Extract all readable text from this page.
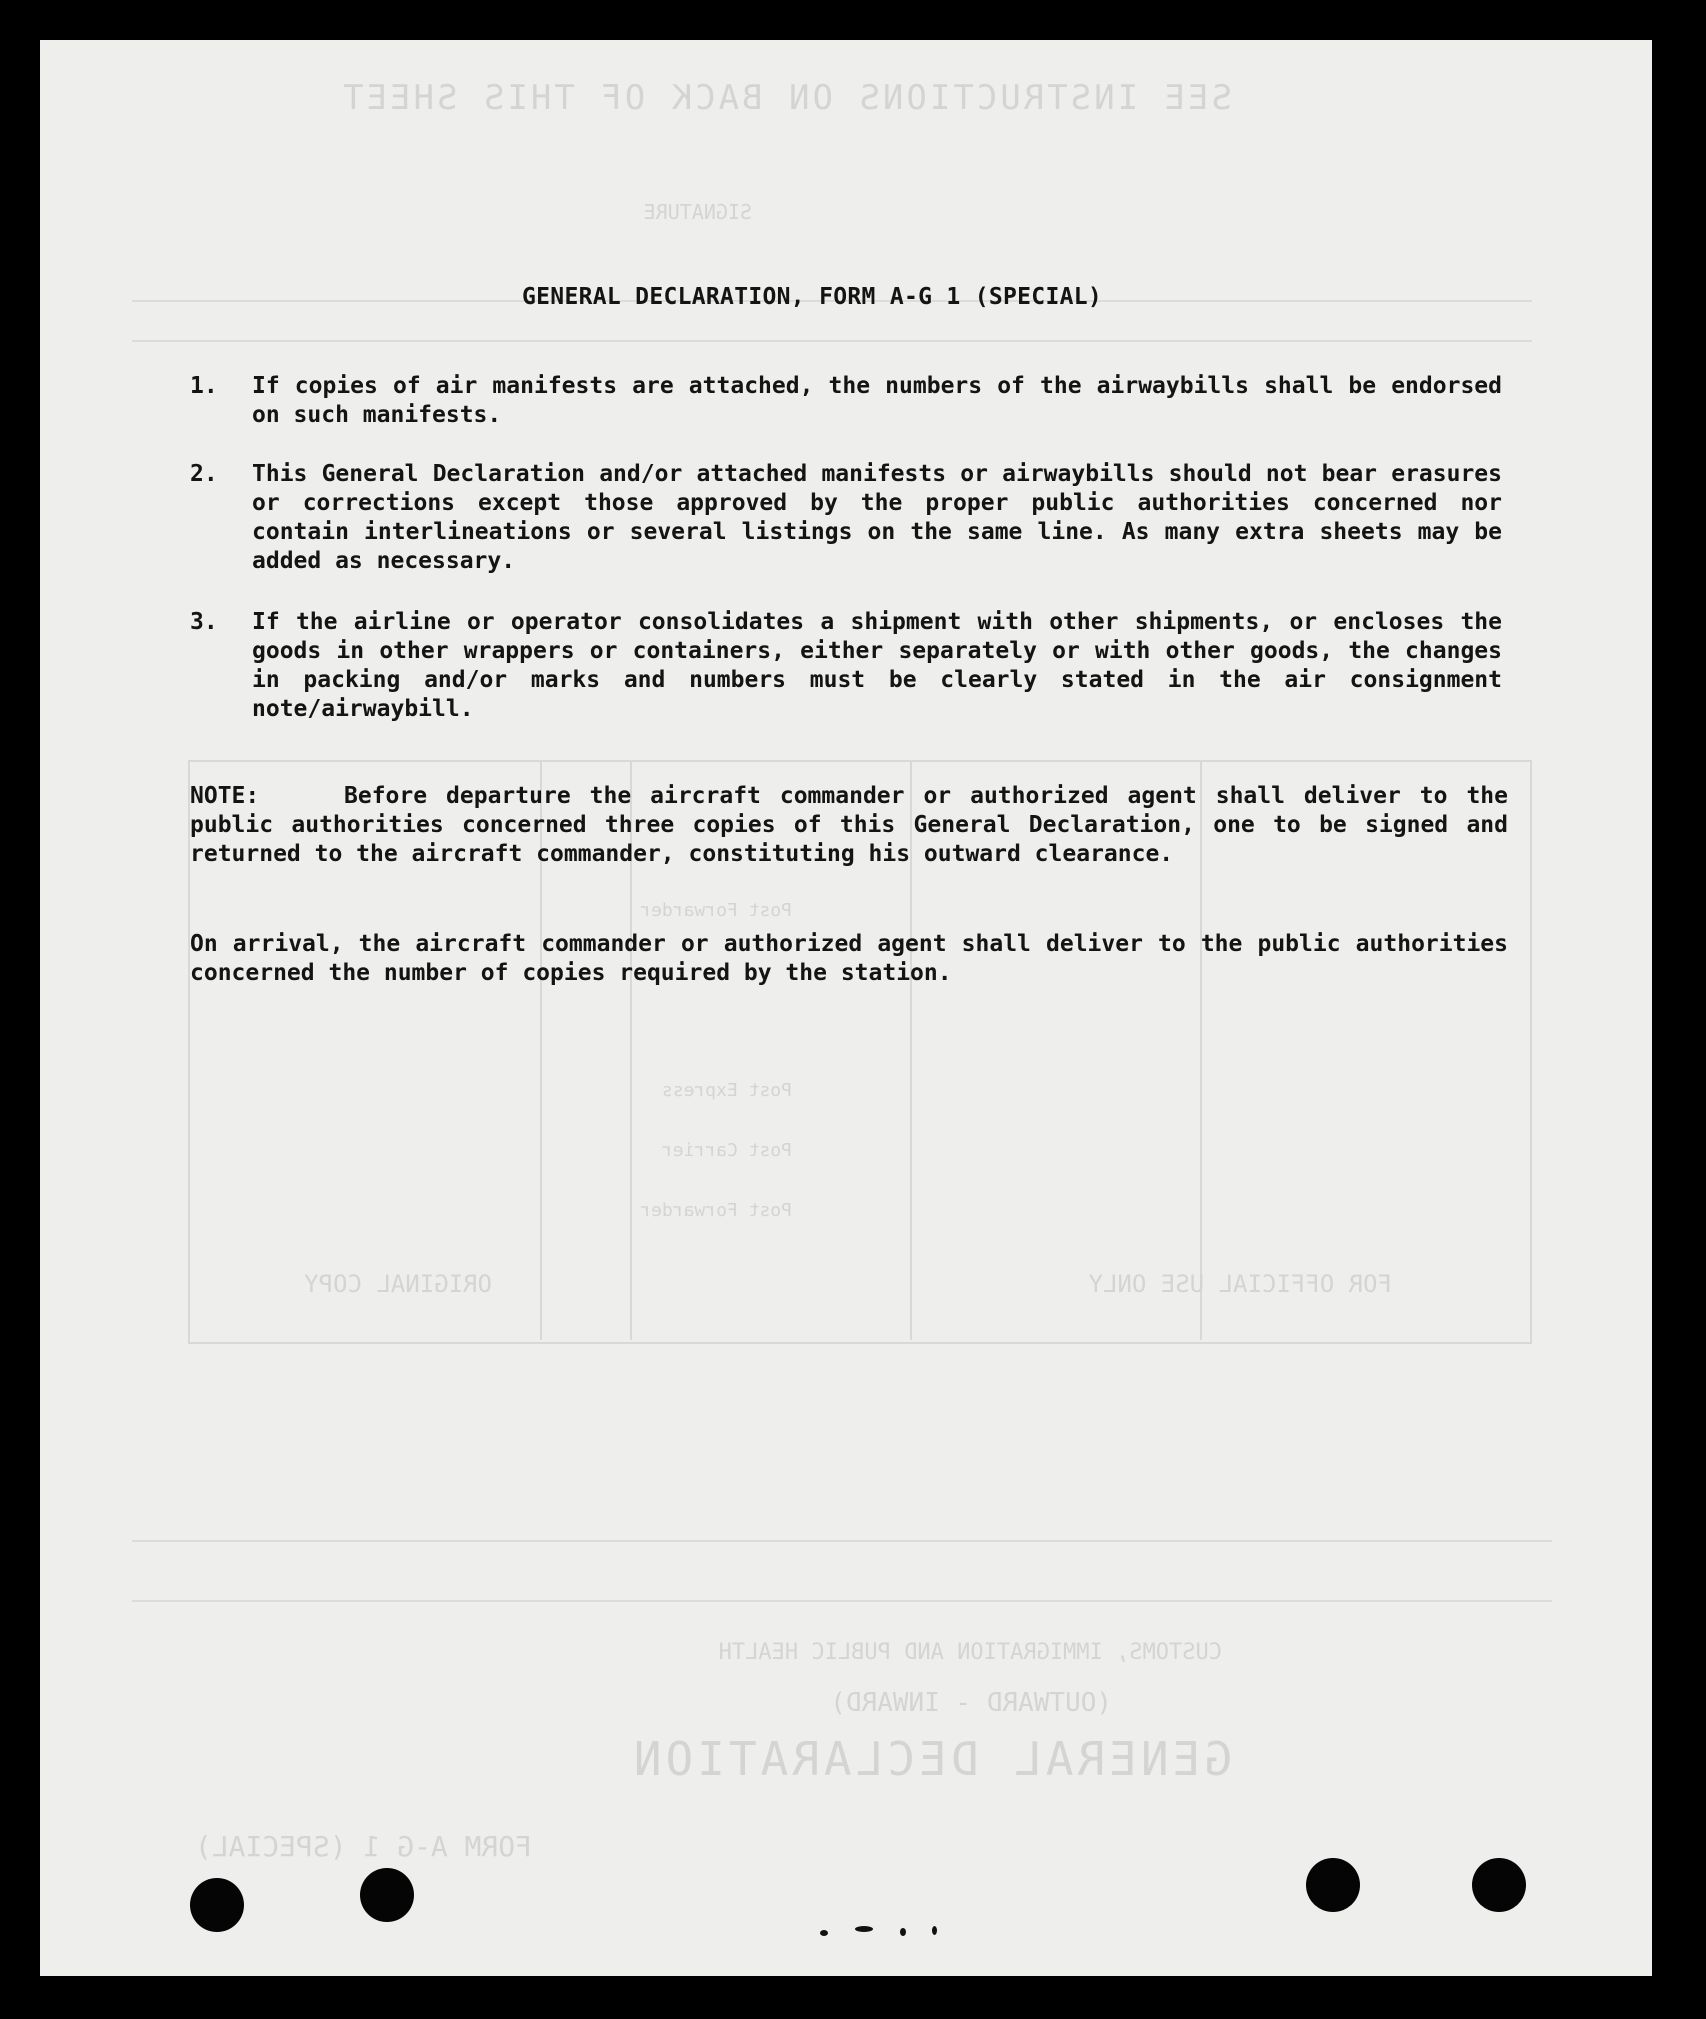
SEE INSTRUCTIONS ON BACK OF THIS SHEET
SIGNATURE
FOR OFFICIAL USE ONLY
Post Forwarder
Post Express
Post Carrier
Post Forwarder
ORIGINAL COPY
CUSTOMS, IMMIGRATION AND PUBLIC HEALTH
(OUTWARD - INWARD)
GENERAL DECLARATION
FORM A-G 1 (SPECIAL)
GENERAL DECLARATION, FORM A-G 1 (SPECIAL)
1.	If copies of air manifests are attached, the numbers of the airwaybills shall be endorsed on such manifests.
2.	This General Declaration and/or attached manifests or airwaybills should not bear erasures or corrections except those approved by the proper public authorities concerned nor contain interlineations or several listings on the same line. As many extra sheets may be added as necessary.
3.	If the airline or operator consolidates a shipment with other shipments, or encloses the goods in other wrappers or containers, either separately or with other goods, the changes in packing and/or marks and numbers must be clearly stated in the air consignment note/airwaybill.
Before departure the aircraft commander or authorized agent shall deliver to the public authorities concerned three copies of this General Declaration, one to be signed and returned to the aircraft commander, constituting his outward clearance.
NOTE:
On arrival, the aircraft commander or authorized agent shall deliver to the public authorities concerned the number of copies required by the station.
